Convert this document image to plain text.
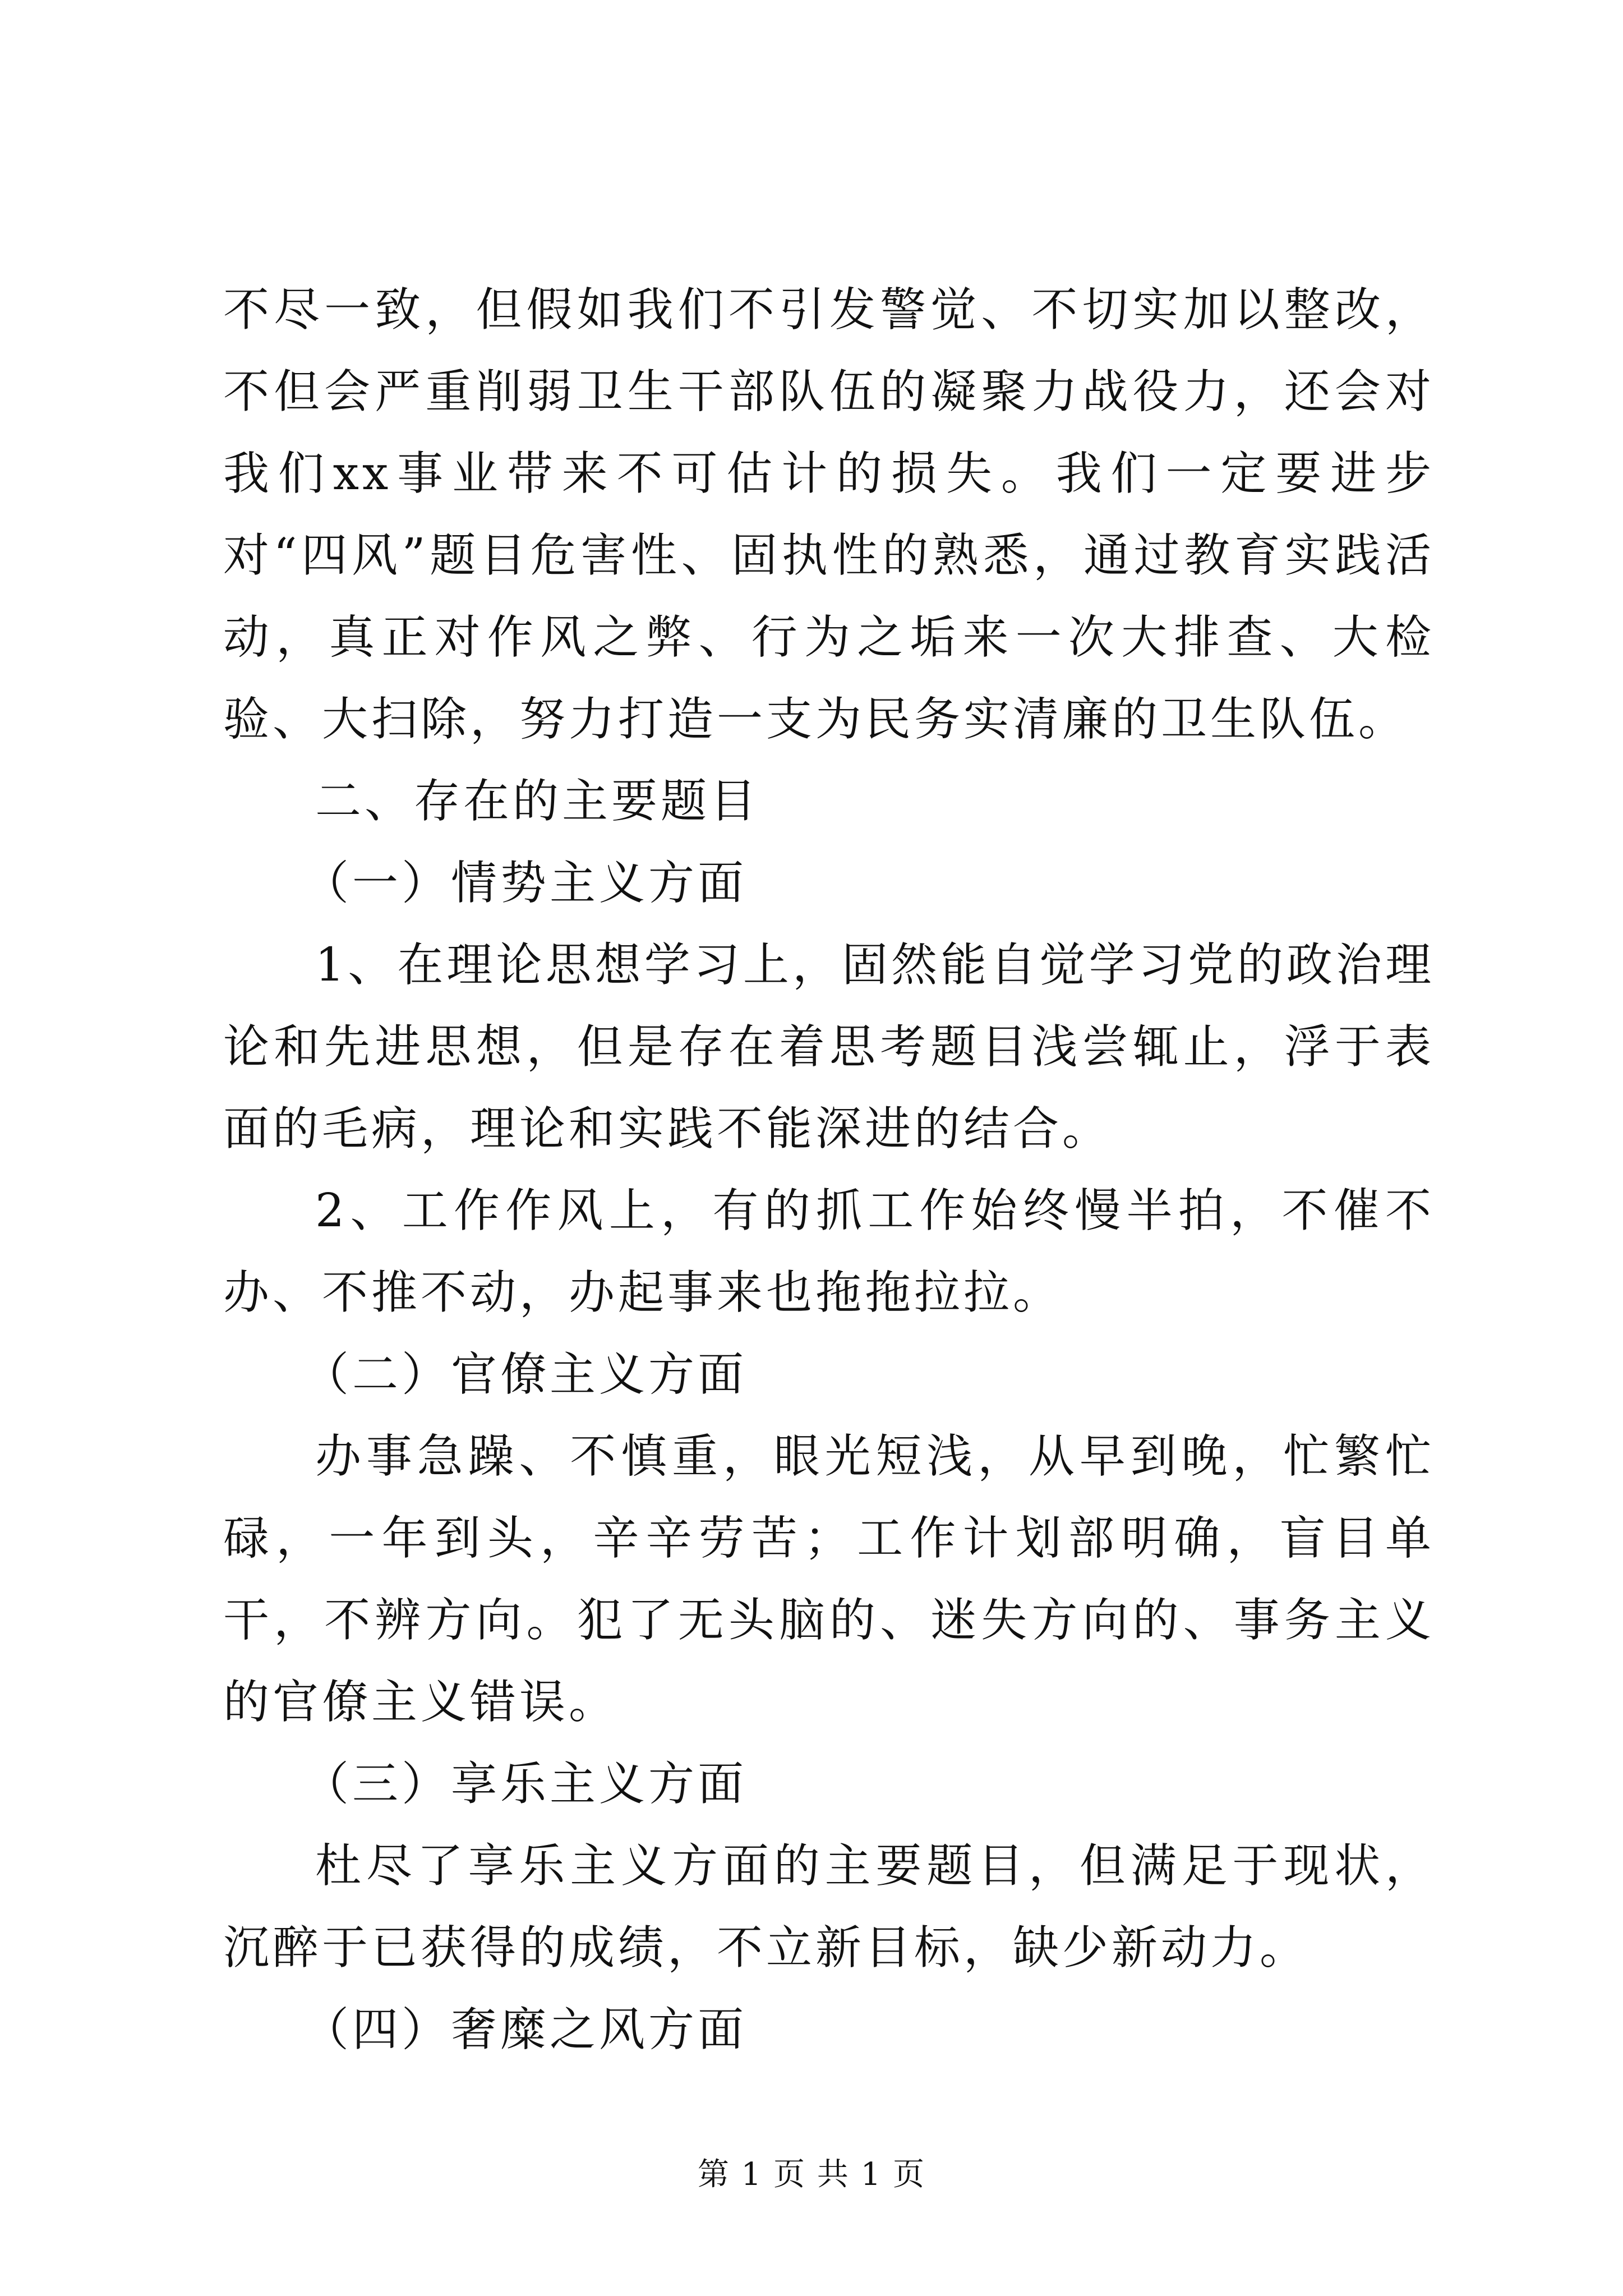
不尽一致，但假如我们不引发警觉、不切实加以整改，不但会严重削弱卫生干部队伍的凝聚力战役力，还会对我们xx事业带来不可估计的损失。我们一定要进步对“四风”题目危害性、固执性的熟悉，通过教育实践活动，真正对作风之弊、行为之垢来一次大排查、大检验、大扫除，努力打造一支为民务实清廉的卫生队伍。

二、存在的主要题目

（一）情势主义方面

1、在理论思想学习上，固然能自觉学习党的政治理论和先进思想，但是存在着思考题目浅尝辄止，浮于表面的毛病，理论和实践不能深进的结合。

2、工作作风上，有的抓工作始终慢半拍，不催不办、不推不动，办起事来也拖拖拉拉。

（二）官僚主义方面

办事急躁、不慎重，眼光短浅，从早到晚，忙繁忙碌，一年到头，辛辛劳苦；工作计划部明确，盲目单干，不辨方向。犯了无头脑的、迷失方向的、事务主义的官僚主义错误。

（三）享乐主义方面

杜尽了享乐主义方面的主要题目，但满足于现状，沉醉于已获得的成绩，不立新目标，缺少新动力。

（四）奢糜之风方面

第 1 页 共 1 页
